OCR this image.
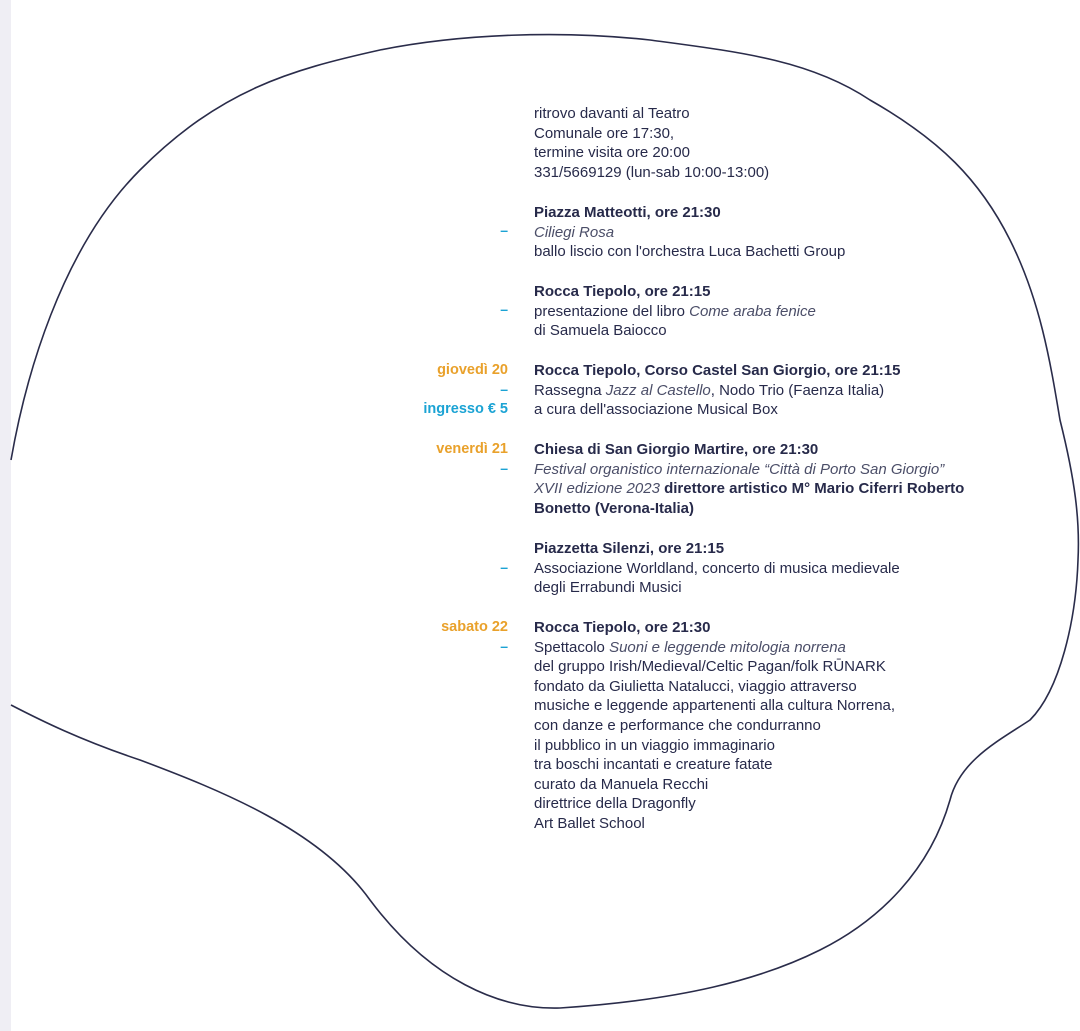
–
–
giovedì 20
–
ingresso € 5
venerdì 21
–
–
sabato 22
–
ritrovo davanti al Teatro
Comunale ore 17:30,
termine visita ore 20:00
331/5669129 (lun-sab 10:00-13:00)
Piazza Matteotti, ore 21:30
Ciliegi Rosa
ballo liscio con l'orchestra Luca Bachetti Group
Rocca Tiepolo, ore 21:15
presentazione del libro Come araba fenice
di Samuela Baiocco
Rocca Tiepolo, Corso Castel San Giorgio, ore 21:15
Rassegna Jazz al Castello, Nodo Trio (Faenza Italia)
a cura dell'associazione Musical Box
Chiesa di San Giorgio Martire, ore 21:30
Festival organistico internazionale “Città di Porto San Giorgio”
XVII edizione 2023 direttore artistico M° Mario Ciferri Roberto
Bonetto (Verona-Italia)
Piazzetta Silenzi, ore 21:15
Associazione Worldland, concerto di musica medievale
degli Errabundi Musici
Rocca Tiepolo, ore 21:30
Spettacolo Suoni e leggende mitologia norrena
del gruppo Irish/Medieval/Celtic Pagan/folk RŪNARK
fondato da Giulietta Natalucci, viaggio attraverso
musiche e leggende appartenenti alla cultura Norrena,
con danze e performance che condurranno
il pubblico in un viaggio immaginario
tra boschi incantati e creature fatate
curato da Manuela Recchi
direttrice della Dragonfly
Art Ballet School
